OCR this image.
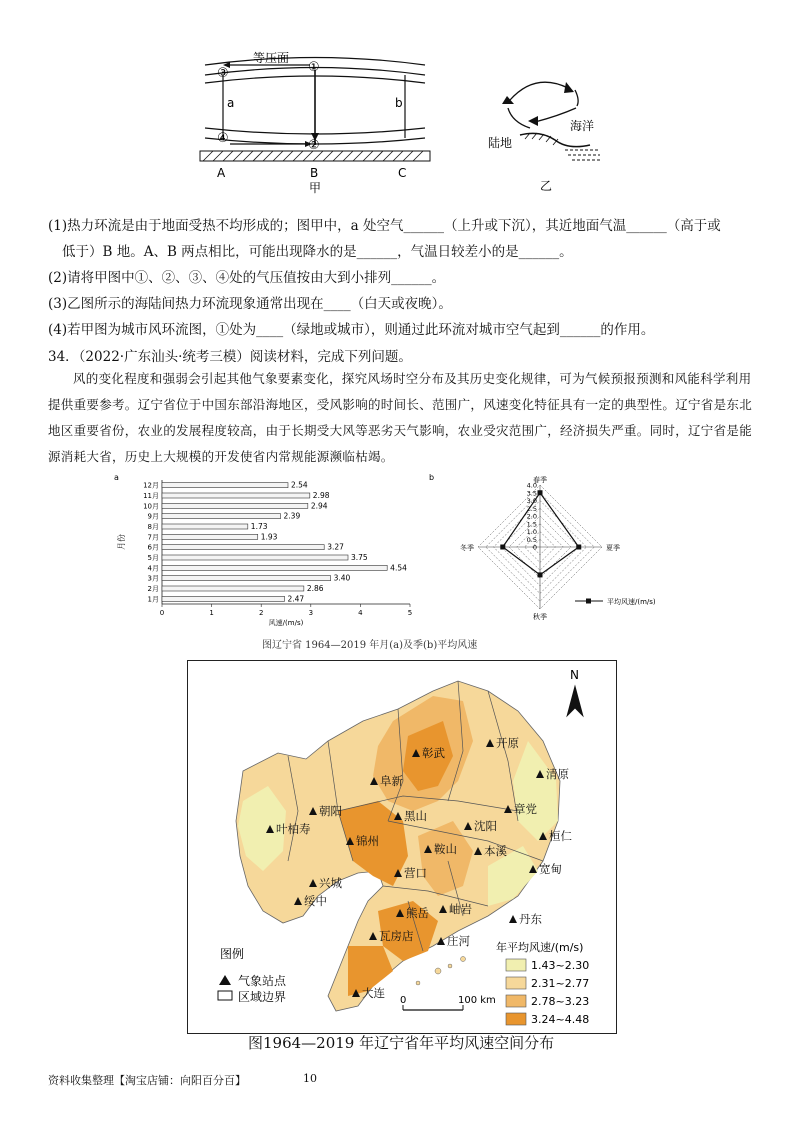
等压面
③	①
④	②
a	b
A	B	C
甲
陆地
海洋
乙
(1)热力环流是由于地面受热不均形成的；图甲中，a 处空气______（上升或下沉），其近地面气温______（高于或
低于）B 地。A、B 两点相比，可能出现降水的是______，气温日较差小的是______。
(2)请将甲图中①、②、③、④处的气压值按由大到小排列______。
(3)乙图所示的海陆间热力环流现象通常出现在____（白天或夜晚）。
(4)若甲图为城市风环流图，①处为____（绿地或城市），则通过此环流对城市空气起到______的作用。
34．（2022·广东汕头·统考三模）阅读材料，完成下列问题。
风的变化程度和强弱会引起其他气象要素变化，探究风场时空分布及其历史变化规律，可为气候预报预测和风能科学利用提供重要参考。辽宁省位于中国东部沿海地区，受风影响的时间长、范围广，风速变化特征具有一定的典型性。辽宁省是东北地区重要省份，农业的发展程度较高，由于长期受大风等恶劣天气影响，农业受灾范围广，经济损失严重。同时，辽宁省是能源消耗大省，历史上大规模的开发使省内常规能源濒临枯竭。
a
1月	2.47
2月	2.86
3月	3.40
4月	4.54
5月	3.75
6月	3.27
7月	1.93
8月	1.73
9月	2.39
10月	2.94
11月	2.98
12月	2.54
0	1	2	3	4	5
风速/(m/s)
月份
b
0
0.5
1.0
1.5
2.0
2.5
3.0
3.5
4.0
春季
夏季
秋季
冬季
平均风速/(m/s)
图辽宁省 1964—2019 年月(a)及季(b)平均风速
彰武
开原
阜新	清原
朝阳	章党
黑山
沈阳
叶柏寿
锦州
本溪
桓仁
鞍山
宽甸
兴城
营口
绥中
岫岩
熊岳	丹东
瓦房店	庄河
大连
N
图例
气象站点
区域边界
年平均风速/(m/s)
1.43~2.30
2.31~2.77
2.78~3.23
3.24~4.48
0	100 km
图1964—2019 年辽宁省年平均风速空间分布
资料收集整理【淘宝店铺：向阳百分百】	10
